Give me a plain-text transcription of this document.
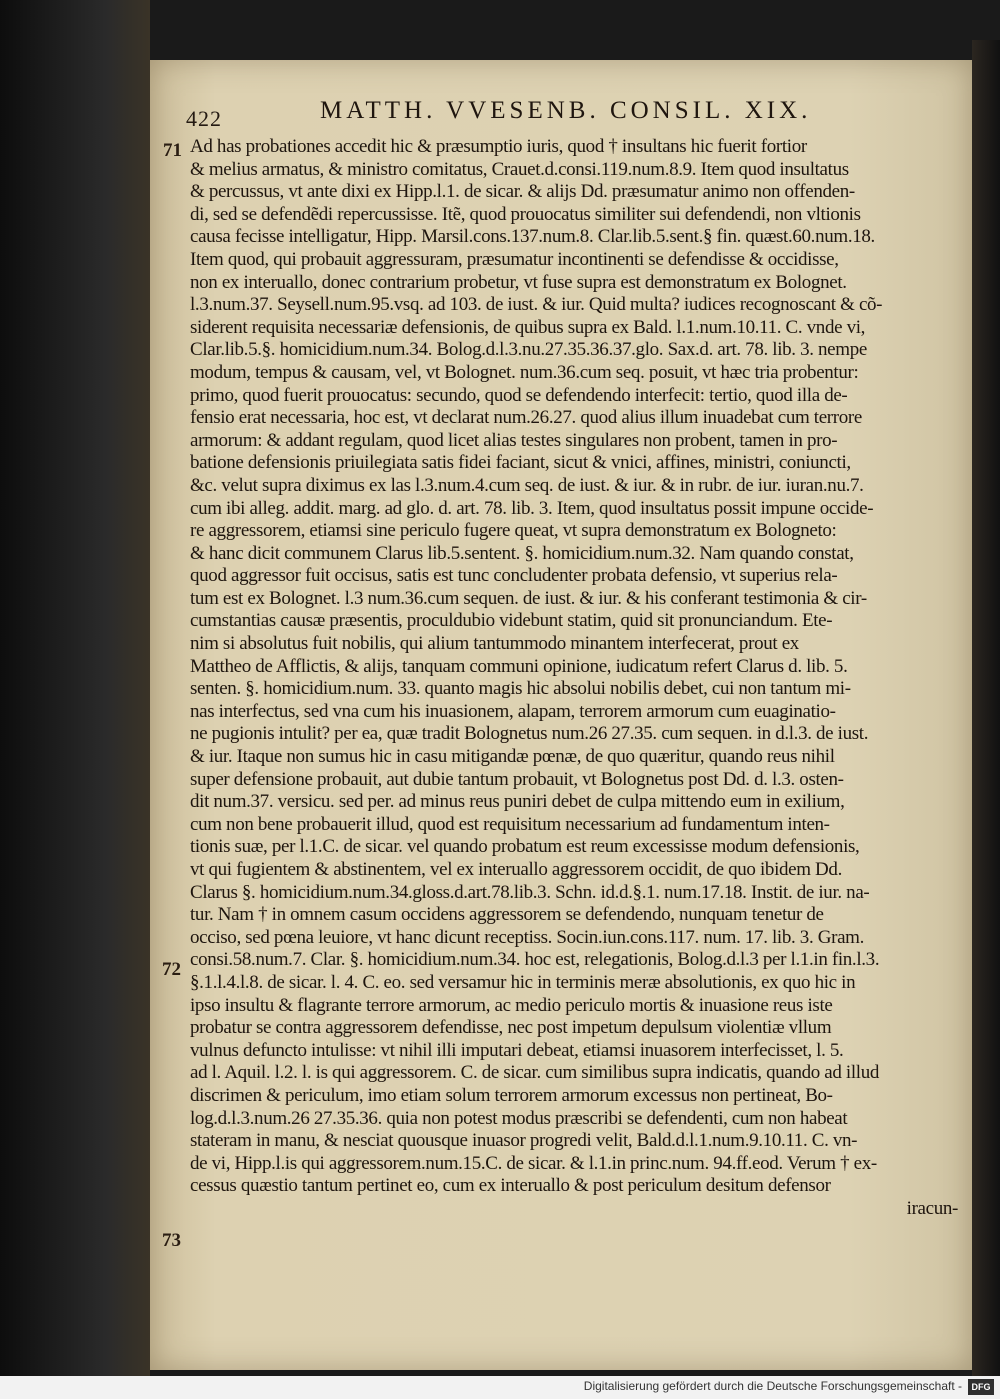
422	MATTH. VVESENB. CONSIL. XIX.
71
72
73
Ad has probationes accedit hic & præsumptio iuris, quod † insultans hic fuerit fortior
& melius armatus, & ministro comitatus, Crauet.d.consi.119.num.8.9. Item quod insultatus
& percussus, vt ante dixi ex Hipp.l.1. de sicar. & alijs Dd. præsumatur animo non offenden-
di, sed se defendẽdi repercussisse. Itẽ, quod prouocatus similiter sui defendendi, non vltionis
causa fecisse intelligatur, Hipp. Marsil.cons.137.num.8. Clar.lib.5.sent.§ fin. quæst.60.num.18.
Item quod, qui probauit aggressuram, præsumatur incontinenti se defendisse & occidisse,
non ex interuallo, donec contrarium probetur, vt fuse supra est demonstratum ex Bolognet.
l.3.num.37. Seysell.num.95.vsq. ad 103. de iust. & iur. Quid multa? iudices recognoscant & cõ-
siderent requisita necessariæ defensionis, de quibus supra ex Bald. l.1.num.10.11. C. vnde vi,
Clar.lib.5.§. homicidium.num.34. Bolog.d.l.3.nu.27.35.36.37.glo. Sax.d. art. 78. lib. 3. nempe
modum, tempus & causam, vel, vt Bolognet. num.36.cum seq. posuit, vt hæc tria probentur:
primo, quod fuerit prouocatus: secundo, quod se defendendo interfecit: tertio, quod illa de-
fensio erat necessaria, hoc est, vt declarat num.26.27. quod alius illum inuadebat cum terrore
armorum: & addant regulam, quod licet alias testes singulares non probent, tamen in pro-
batione defensionis priuilegiata satis fidei faciant, sicut & vnici, affines, ministri, coniuncti,
&c. velut supra diximus ex las l.3.num.4.cum seq. de iust. & iur. & in rubr. de iur. iuran.nu.7.
cum ibi alleg. addit. marg. ad glo. d. art. 78. lib. 3. Item, quod insultatus possit impune occide-
re aggressorem, etiamsi sine periculo fugere queat, vt supra demonstratum ex Bologneto:
& hanc dicit communem Clarus lib.5.sentent. §. homicidium.num.32. Nam quando constat,
quod aggressor fuit occisus, satis est tunc concludenter probata defensio, vt superius rela-
tum est ex Bolognet. l.3 num.36.cum sequen. de iust. & iur. & his conferant testimonia & cir-
cumstantias causæ præsentis, proculdubio videbunt statim, quid sit pronunciandum. Ete-
nim si absolutus fuit nobilis, qui alium tantummodo minantem interfecerat, prout ex
Mattheo de Afflictis, & alijs, tanquam communi opinione, iudicatum refert Clarus d. lib. 5.
senten. §. homicidium.num. 33. quanto magis hic absolui nobilis debet, cui non tantum mi-
nas interfectus, sed vna cum his inuasionem, alapam, terrorem armorum cum euaginatio-
ne pugionis intulit? per ea, quæ tradit Bolognetus num.26 27.35. cum sequen. in d.l.3. de iust.
& iur. Itaque non sumus hic in casu mitigandæ pœnæ, de quo quæritur, quando reus nihil
super defensione probauit, aut dubie tantum probauit, vt Bolognetus post Dd. d. l.3. osten-
dit num.37. versicu. sed per. ad minus reus puniri debet de culpa mittendo eum in exilium,
cum non bene probauerit illud, quod est requisitum necessarium ad fundamentum inten-
tionis suæ, per l.1.C. de sicar. vel quando probatum est reum excessisse modum defensionis,
vt qui fugientem & abstinentem, vel ex interuallo aggressorem occidit, de quo ibidem Dd.
Clarus §. homicidium.num.34.gloss.d.art.78.lib.3. Schn. id.d.§.1. num.17.18. Instit. de iur. na-
tur. Nam † in omnem casum occidens aggressorem se defendendo, nunquam tenetur de
occiso, sed pœna leuiore, vt hanc dicunt receptiss. Socin.iun.cons.117. num. 17. lib. 3. Gram.
consi.58.num.7. Clar. §. homicidium.num.34. hoc est, relegationis, Bolog.d.l.3 per l.1.in fin.l.3.
§.1.l.4.l.8. de sicar. l. 4. C. eo. sed versamur hic in terminis meræ absolutionis, ex quo hic in
ipso insultu & flagrante terrore armorum, ac medio periculo mortis & inuasione reus iste
probatur se contra aggressorem defendisse, nec post impetum depulsum violentiæ vllum
vulnus defuncto intulisse: vt nihil illi imputari debeat, etiamsi inuasorem interfecisset, l. 5.
ad l. Aquil. l.2. l. is qui aggressorem. C. de sicar. cum similibus supra indicatis, quando ad illud
discrimen & periculum, imo etiam solum terrorem armorum excessus non pertineat, Bo-
log.d.l.3.num.26 27.35.36. quia non potest modus præscribi se defendenti, cum non habeat
stateram in manu, & nesciat quousque inuasor progredi velit, Bald.d.l.1.num.9.10.11. C. vn-
de vi, Hipp.l.is qui aggressorem.num.15.C. de sicar. & l.1.in princ.num. 94.ff.eod. Verum † ex-
cessus quæstio tantum pertinet eo, cum ex interuallo & post periculum desitum defensor
iracun-
Digitalisierung gefördert durch die Deutsche Forschungsgemeinschaft -	DFG
